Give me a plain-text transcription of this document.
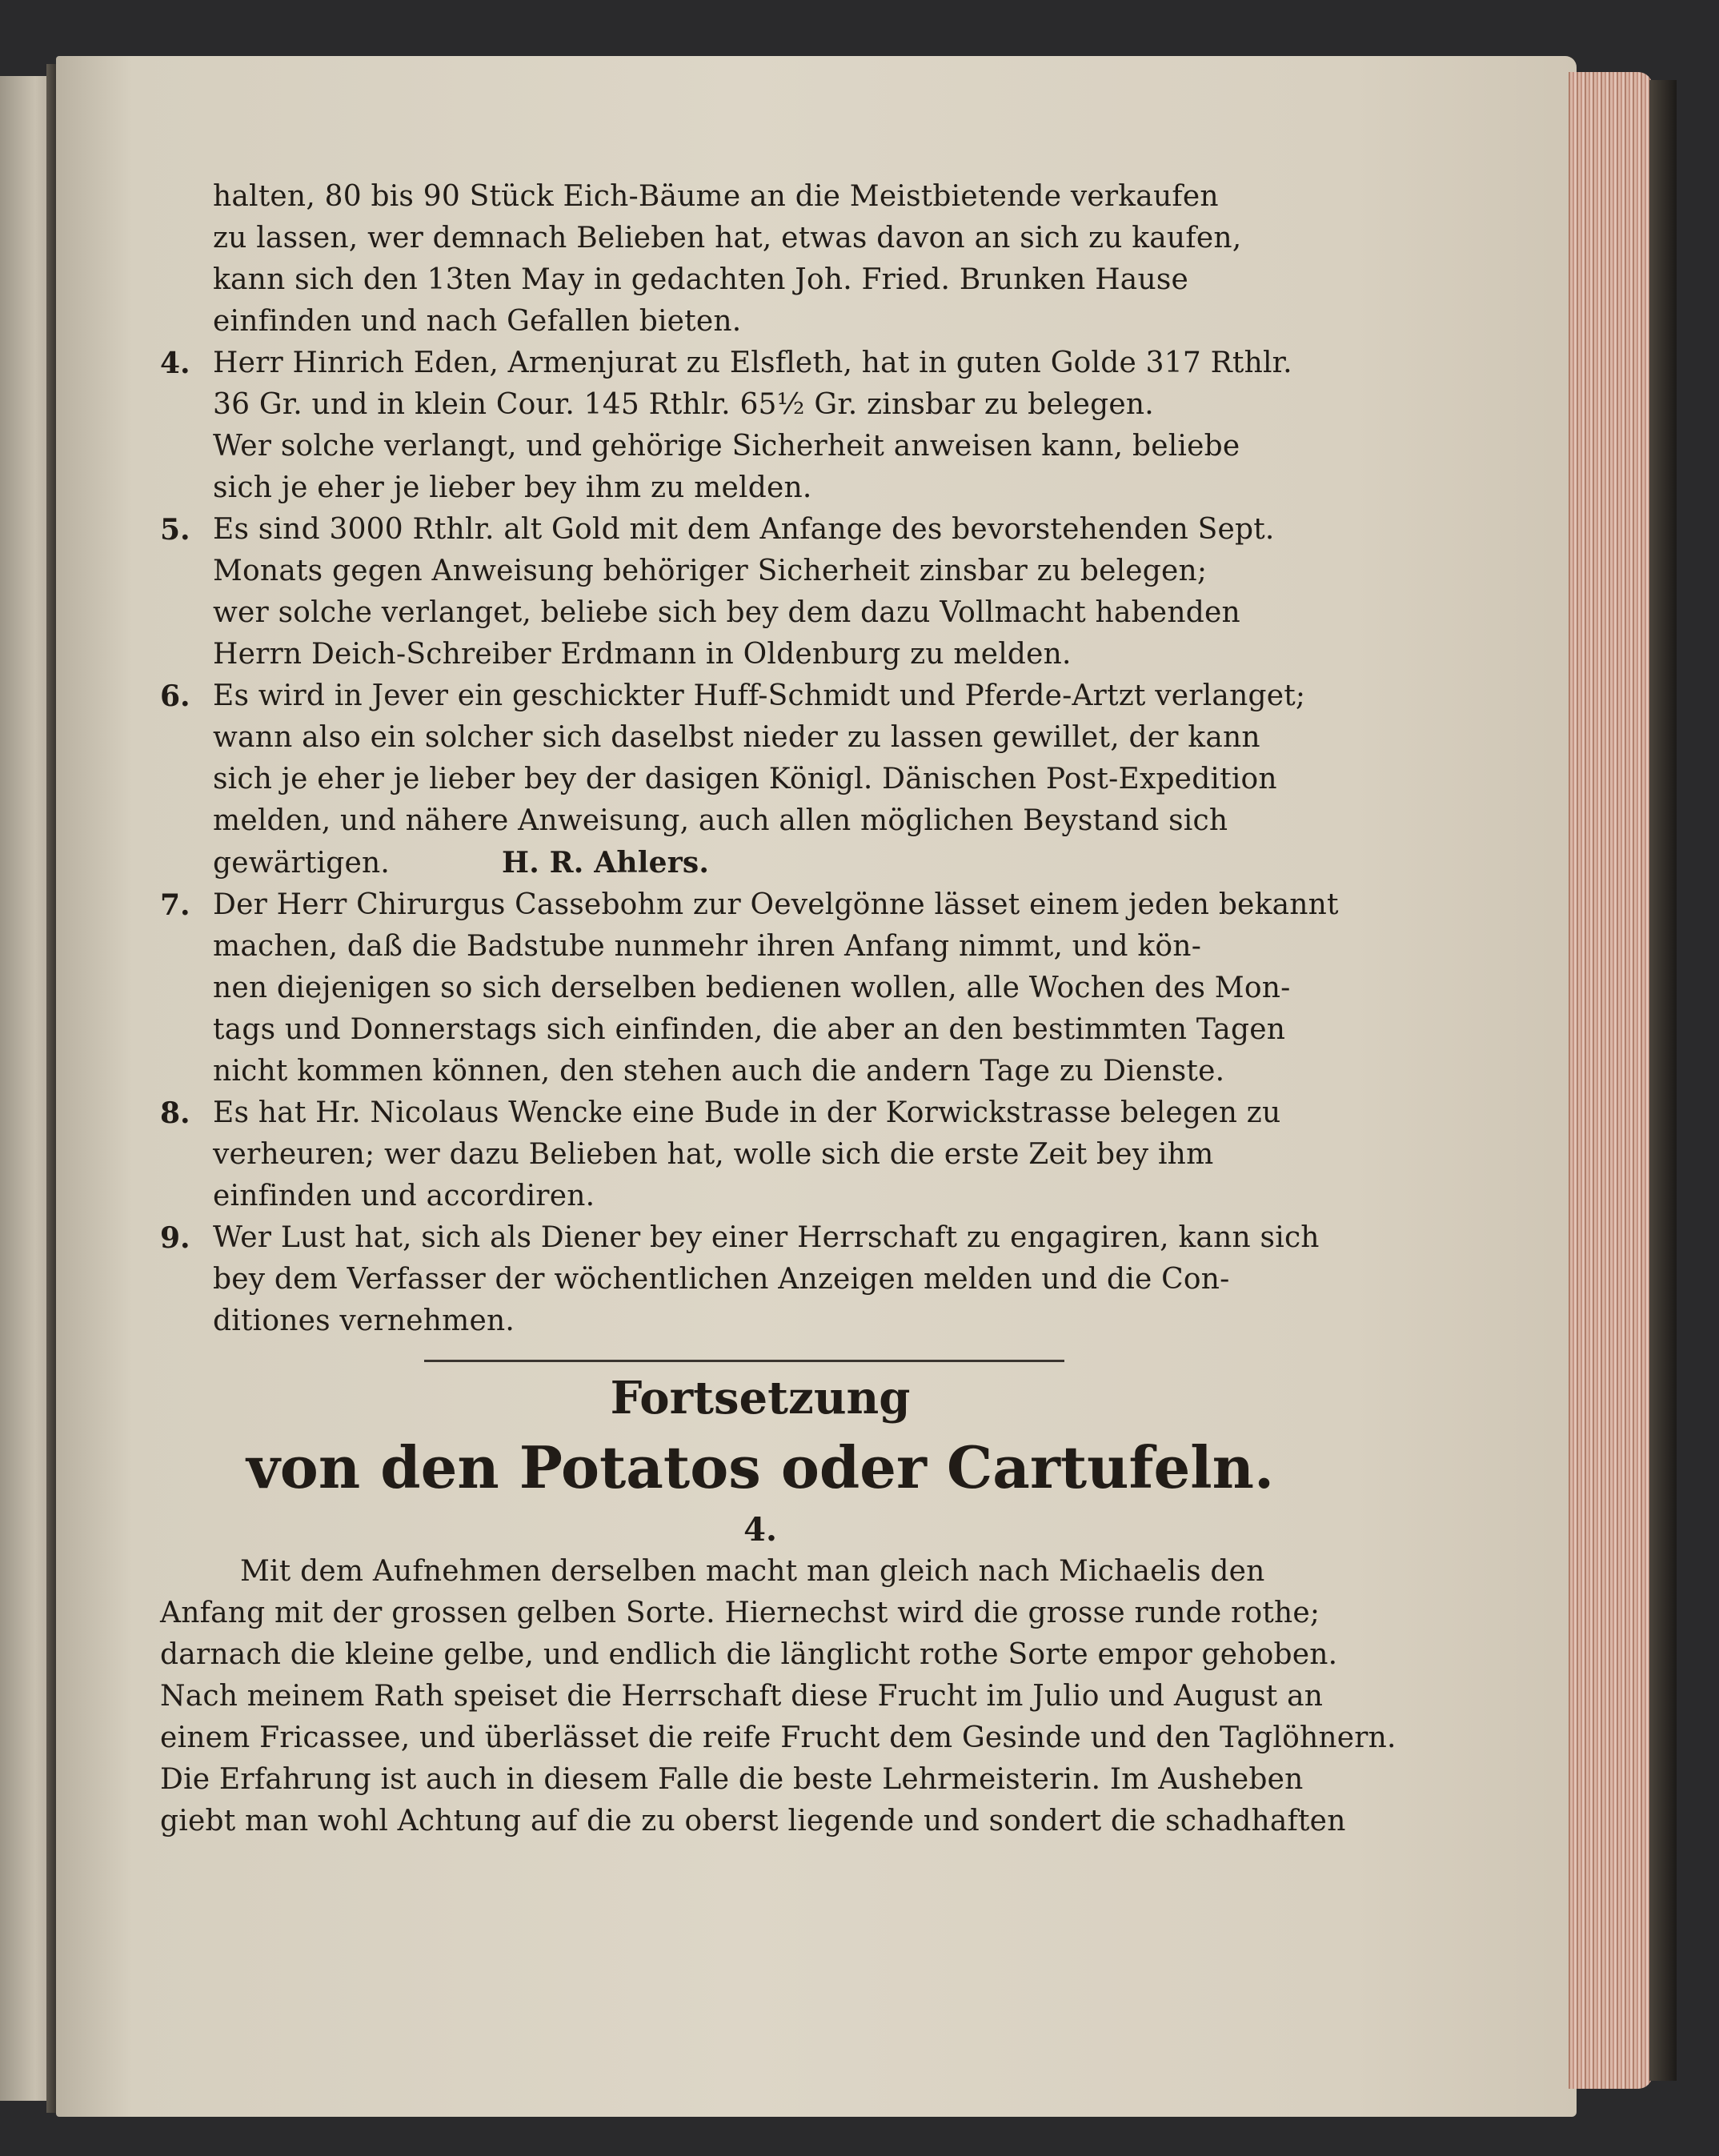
halten, 80 bis 90 Stück Eich-Bäume an die Meistbietende verkaufen
zu lassen, wer demnach Belieben hat, etwas davon an sich zu kaufen,
kann sich den 13ten May in gedachten Joh. Fried. Brunken Hause
einfinden und nach Gefallen bieten.
4. Herr Hinrich Eden, Armenjurat zu Elsfleth, hat in guten Golde 317 Rthlr.
36 Gr. und in klein Cour. 145 Rthlr. 65½ Gr. zinsbar zu belegen.
Wer solche verlangt, und gehörige Sicherheit anweisen kann, beliebe
sich je eher je lieber bey ihm zu melden.
5. Es sind 3000 Rthlr. alt Gold mit dem Anfange des bevorstehenden Sept.
Monats gegen Anweisung behöriger Sicherheit zinsbar zu belegen;
wer solche verlanget, beliebe sich bey dem dazu Vollmacht habenden
Herrn Deich-Schreiber Erdmann in Oldenburg zu melden.
6. Es wird in Jever ein geschickter Huff-Schmidt und Pferde-Artzt verlanget;
wann also ein solcher sich daselbst nieder zu lassen gewillet, der kann
sich je eher je lieber bey der dasigen Königl. Dänischen Post-Expedition
melden, und nähere Anweisung, auch allen möglichen Beystand sich
gewärtigen.	H. R. Ahlers.
7. Der Herr Chirurgus Cassebohm zur Oevelgönne lässet einem jeden bekannt
machen, daß die Badstube nunmehr ihren Anfang nimmt, und kön-
nen diejenigen so sich derselben bedienen wollen, alle Wochen des Mon-
tags und Donnerstags sich einfinden, die aber an den bestimmten Tagen
nicht kommen können, den stehen auch die andern Tage zu Dienste.
8. Es hat Hr. Nicolaus Wencke eine Bude in der Korwickstrasse belegen zu
verheuren; wer dazu Belieben hat, wolle sich die erste Zeit bey ihm
einfinden und accordiren.
9. Wer Lust hat, sich als Diener bey einer Herrschaft zu engagiren, kann sich
bey dem Verfasser der wöchentlichen Anzeigen melden und die Con-
ditiones vernehmen.
Fortsetzung
von den Potatos oder Cartufeln.
4.
Mit dem Aufnehmen derselben macht man gleich nach Michaelis den
Anfang mit der grossen gelben Sorte. Hiernechst wird die grosse runde rothe;
darnach die kleine gelbe, und endlich die länglicht rothe Sorte empor gehoben.
Nach meinem Rath speiset die Herrschaft diese Frucht im Julio und August an
einem Fricassee, und überlässet die reife Frucht dem Gesinde und den Taglöhnern.
Die Erfahrung ist auch in diesem Falle die beste Lehrmeisterin. Im Ausheben
giebt man wohl Achtung auf die zu oberst liegende und sondert die schadhaften
